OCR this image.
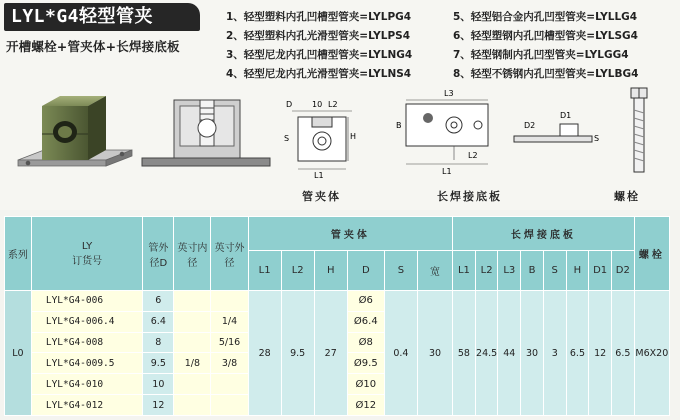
LYL*G4轻型管夹
开槽螺栓+管夹体+长焊接底板
1、轻型塑料内孔凹槽型管夹=LYLPG4
2、轻型塑料内孔光滑型管夹=LYLPS4
3、轻型尼龙内孔凹槽型管夹=LYLNG4
4、轻型尼龙内孔光滑型管夹=LYLNS4
5、轻型铝合金内孔凹型管夹=LYLLG4
6、轻型塑钢内孔凹槽型管夹=LYLSG4
7、轻型钢制内孔凹型管夹=LYLGG4
8、轻型不锈钢内孔凹型管夹=LYLBG4
D 10 L2
S	H
L1
L3
B
L2
L1
D1
D2
S
管夹体	长焊接底板	螺栓
系列	LY
订货号	管外径D	英寸内径	英寸外径	管夹体						长焊接底板								螺栓
					L1	L2	H	D	S	宽	L1	L2	L3	B	S	H	D1	D2	
L0	LYL*G4-006	6			28	9.5	27	Ø6	0.4	30	58	24.5	44	30	3	6.5	12	6.5	M6X20
	LYL*G4-006.4	6.4		1/4				Ø6.4											
	LYL*G4-008	8		5/16				Ø8											
	LYL*G4-009.5	9.5	1/8	3/8				Ø9.5											
	LYL*G4-010	10						Ø10											
	LYL*G4-012	12						Ø12											
